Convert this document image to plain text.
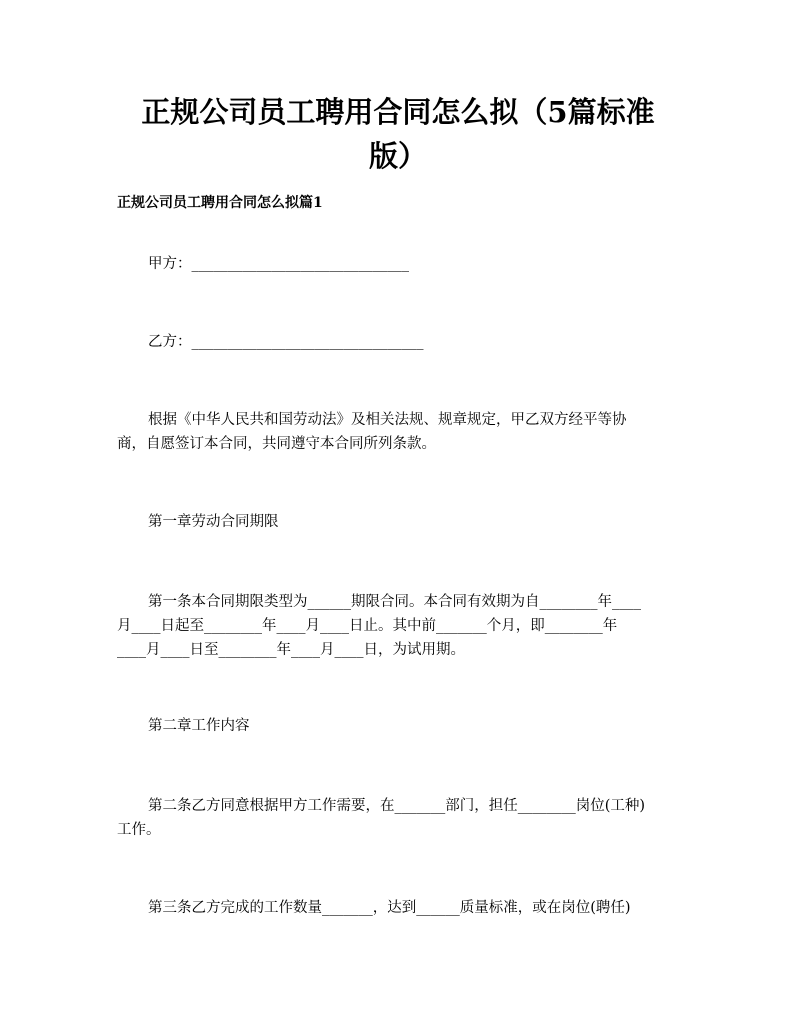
正规公司员工聘用合同怎么拟（5篇标准
版）
正规公司员工聘用合同怎么拟篇1

甲方：______________________________

乙方：________________________________

根据《中华人民共和国劳动法》及相关法规、规章规定，甲乙双方经平等协
商，自愿签订本合同，共同遵守本合同所列条款。

第一章劳动合同期限

第一条本合同期限类型为______期限合同。本合同有效期为自________年____
月____日起至________年____月____日止。其中前_______个月，即________年
____月____日至________年____月____日，为试用期。

第二章工作内容

第二条乙方同意根据甲方工作需要，在_______部门，担任________岗位(工种)
工作。
第三条乙方完成的工作数量_______，达到______质量标准，或在岗位(聘任)
